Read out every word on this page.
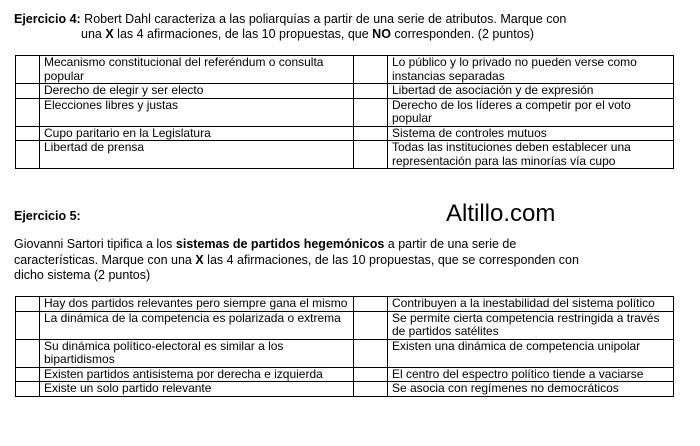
Ejercicio 4: Robert Dahl caracteriza a las poliarquías a partir de una serie de atributos. Marque con
una X las 4 afirmaciones, de las 10 propuestas, que NO corresponden. (2 puntos)
	Mecanismo constitucional del referéndum o consulta popular		Lo público y lo privado no pueden verse como instancias separadas
	Derecho de elegir y ser electo		Libertad de asociación y de expresión
	Elecciones libres y justas		Derecho de los líderes a competir por el voto popular
	Cupo paritario en la Legislatura		Sistema de controles mutuos
	Libertad de prensa		Todas las instituciones deben establecer una representación para las minorías vía cupo
Altillo.com
Ejercicio 5:
Giovanni Sartori tipifica a los sistemas de partidos hegemónicos a partir de una serie de
características. Marque con una X las 4 afirmaciones, de las 10 propuestas, que se corresponden con
dicho sistema (2 puntos)
	Hay dos partidos relevantes pero siempre gana el mismo		Contribuyen a la inestabilidad del sistema político
	La dinámica de la competencia es polarizada o extrema		Se permite cierta competencia restringida a través de partidos satélites
	Su dinámica político-electoral es similar a los bipartidismos		Existen una dinámica de competencia unipolar
	Existen partidos antisistema por derecha e izquierda		El centro del espectro político tiende a vaciarse
	Existe un solo partido relevante		Se asocia con regímenes no democráticos
